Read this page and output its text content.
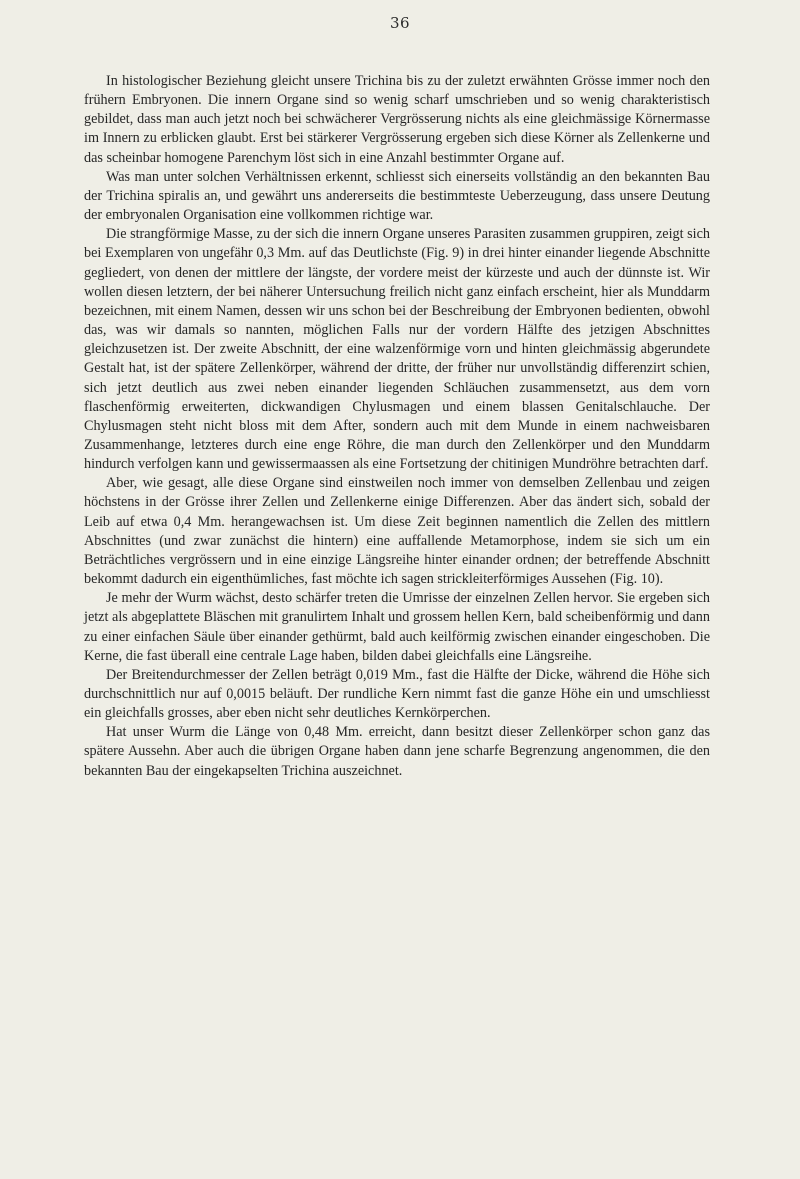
36

In histologischer Beziehung gleicht unsere Trichina bis zu der zuletzt erwähnten Grösse immer noch den frühern Embryonen. Die innern Organe sind so wenig scharf umschrieben und so wenig charakteristisch gebildet, dass man auch jetzt noch bei schwächerer Vergrösserung nichts als eine gleichmässige Körnermasse im Innern zu erblicken glaubt. Erst bei stärkerer Vergrösserung ergeben sich diese Körner als Zellenkerne und das scheinbar homogene Parenchym löst sich in eine Anzahl bestimmter Organe auf.

Was man unter solchen Verhältnissen erkennt, schliesst sich einerseits vollständig an den bekannten Bau der Trichina spiralis an, und gewährt uns andererseits die bestimmteste Ueberzeugung, dass unsere Deutung der embryonalen Organisation eine vollkommen richtige war.

Die strangförmige Masse, zu der sich die innern Organe unseres Parasiten zusammen gruppiren, zeigt sich bei Exemplaren von ungefähr 0,3 Mm. auf das Deutlichste (Fig. 9) in drei hinter einander liegende Abschnitte gegliedert, von denen der mittlere der längste, der vordere meist der kürzeste und auch der dünnste ist. Wir wollen diesen letztern, der bei näherer Untersuchung freilich nicht ganz einfach erscheint, hier als Munddarm bezeichnen, mit einem Namen, dessen wir uns schon bei der Beschreibung der Embryonen bedienten, obwohl das, was wir damals so nannten, möglichen Falls nur der vordern Hälfte des jetzigen Abschnittes gleichzusetzen ist. Der zweite Abschnitt, der eine walzenförmige vorn und hinten gleichmässig abgerundete Gestalt hat, ist der spätere Zellenkörper, während der dritte, der früher nur unvollständig differenzirt schien, sich jetzt deutlich aus zwei neben einander liegenden Schläuchen zusammensetzt, aus dem vorn flaschenförmig erweiterten, dickwandigen Chylusmagen und einem blassen Genitalschlauche. Der Chylusmagen steht nicht bloss mit dem After, sondern auch mit dem Munde in einem nachweisbaren Zusammenhange, letzteres durch eine enge Röhre, die man durch den Zellenkörper und den Munddarm hindurch verfolgen kann und gewissermaassen als eine Fortsetzung der chitinigen Mundröhre betrachten darf.

Aber, wie gesagt, alle diese Organe sind einstweilen noch immer von demselben Zellenbau und zeigen höchstens in der Grösse ihrer Zellen und Zellenkerne einige Differenzen. Aber das ändert sich, sobald der Leib auf etwa 0,4 Mm. herangewachsen ist. Um diese Zeit beginnen namentlich die Zellen des mittlern Abschnittes (und zwar zunächst die hintern) eine auffallende Metamorphose, indem sie sich um ein Beträchtliches vergrössern und in eine einzige Längsreihe hinter einander ordnen; der betreffende Abschnitt bekommt dadurch ein eigenthümliches, fast möchte ich sagen strickleiterförmiges Aussehen (Fig. 10).

Je mehr der Wurm wächst, desto schärfer treten die Umrisse der einzelnen Zellen hervor. Sie ergeben sich jetzt als abgeplattete Bläschen mit granulirtem Inhalt und grossem hellen Kern, bald scheibenförmig und dann zu einer einfachen Säule über einander gethürmt, bald auch keilförmig zwischen einander eingeschoben. Die Kerne, die fast überall eine centrale Lage haben, bilden dabei gleichfalls eine Längsreihe.

Der Breitendurchmesser der Zellen beträgt 0,019 Mm., fast die Hälfte der Dicke, während die Höhe sich durchschnittlich nur auf 0,0015 beläuft. Der rundliche Kern nimmt fast die ganze Höhe ein und umschliesst ein gleichfalls grosses, aber eben nicht sehr deutliches Kernkörperchen.

Hat unser Wurm die Länge von 0,48 Mm. erreicht, dann besitzt dieser Zellenkörper schon ganz das spätere Aussehn. Aber auch die übrigen Organe haben dann jene scharfe Begrenzung angenommen, die den bekannten Bau der eingekapselten Trichina auszeichnet.
